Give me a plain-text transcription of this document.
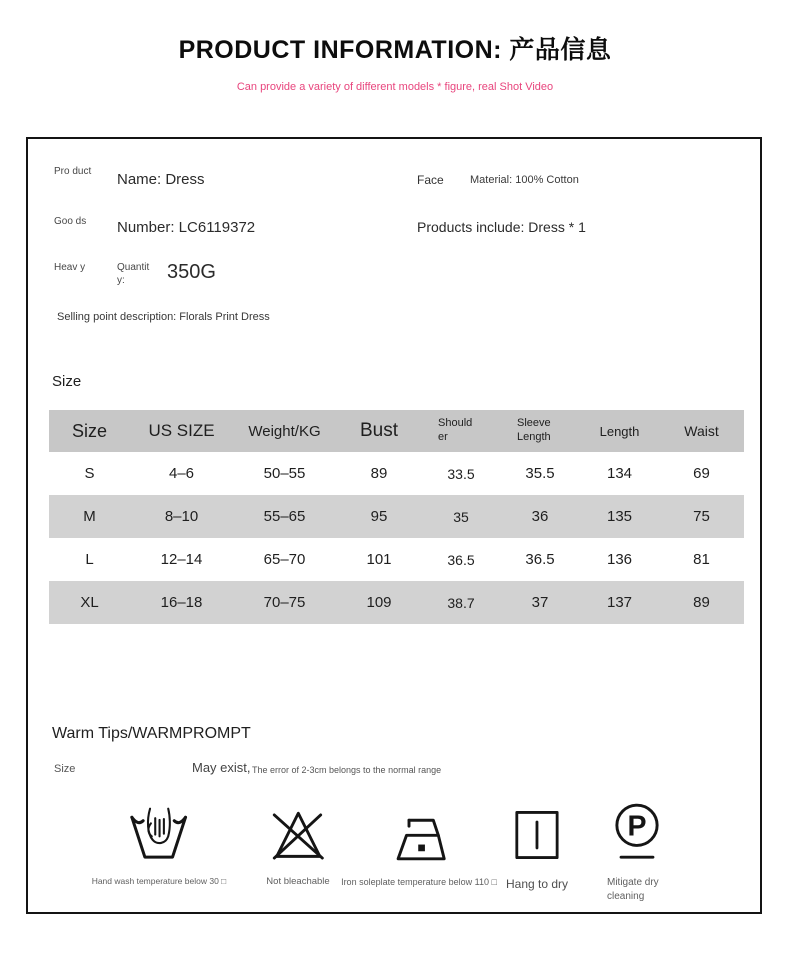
PRODUCT INFORMATION: 产品信息
Can provide a variety of different models * figure, real Shot Video
Pro duct Name: Dress	Face Material: 100% Cotton
Goo ds	Number: LC6119372	Products include: Dress * 1
Heav y	Quantit y:	350G
Selling point description: Florals Print Dress
Size
Size	US SIZE	Weight/KG	Bust	Should er	Sleeve Length	Length	Waist
S	4–6	50–55	89	33.5	35.5	134	69
M	8–10	55–65	95	35	36	135	75
L	12–14	65–70	101	36.5	36.5	136	81
XL	16–18	70–75	109	38.7	37	137	89
Warm Tips/WARMPROMPT
Size	May exist, The error of 2-3cm belongs to the normal range
Hand wash temperature below 30 □	Not bleachable Iron soleplate temperature below 110 □ Hang to dry
P
Mitigate dry cleaning
